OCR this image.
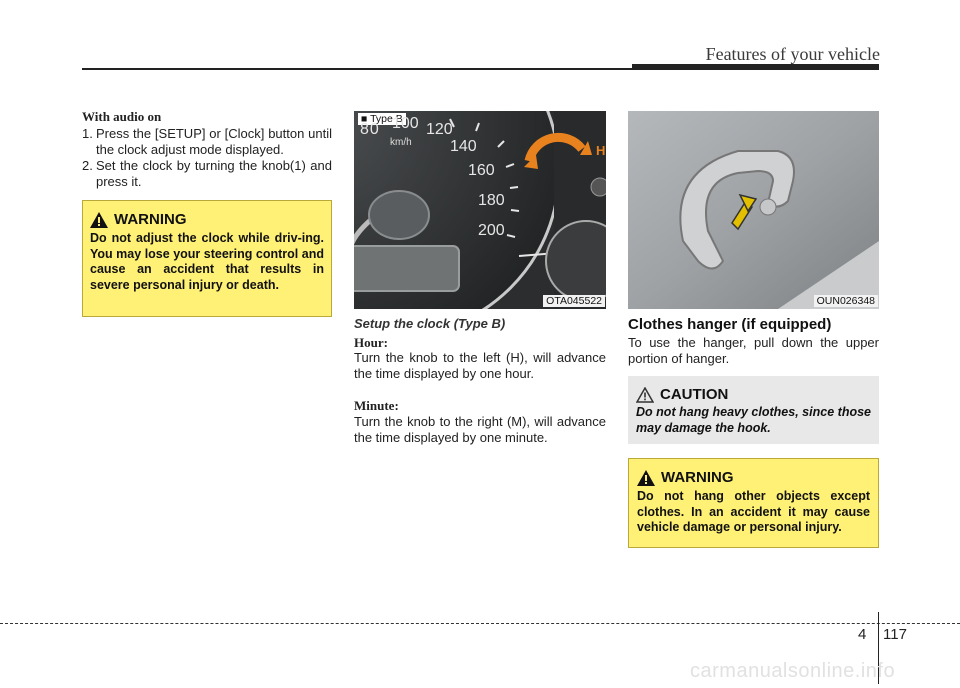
Features of your vehicle
With audio on
1. Press the [SETUP] or [Clock] button until the clock adjust mode displayed.
2. Set the clock by turning the knob(1) and press it.
WARNING
Do not adjust the clock while driv-ing. You may lose your steering control and cause an accident that results in severe personal injury or death.
■ Type B
80 100 120
140
160
180
200
km/h
H
OTA045522
Setup the clock (Type B)
Hour:
Turn the knob to the left (H), will advance the time displayed by one hour.
Minute:
Turn the knob to the right (M), will advance the time displayed by one minute.
OUN026348
Clothes hanger (if equipped)
To use the hanger, pull down the upper portion of hanger.
CAUTION
Do not hang heavy clothes, since those may damage the hook.
WARNING
Do not hang other objects except clothes. In an accident it may cause vehicle damage or personal injury.
4 117
carmanualsonline.info
